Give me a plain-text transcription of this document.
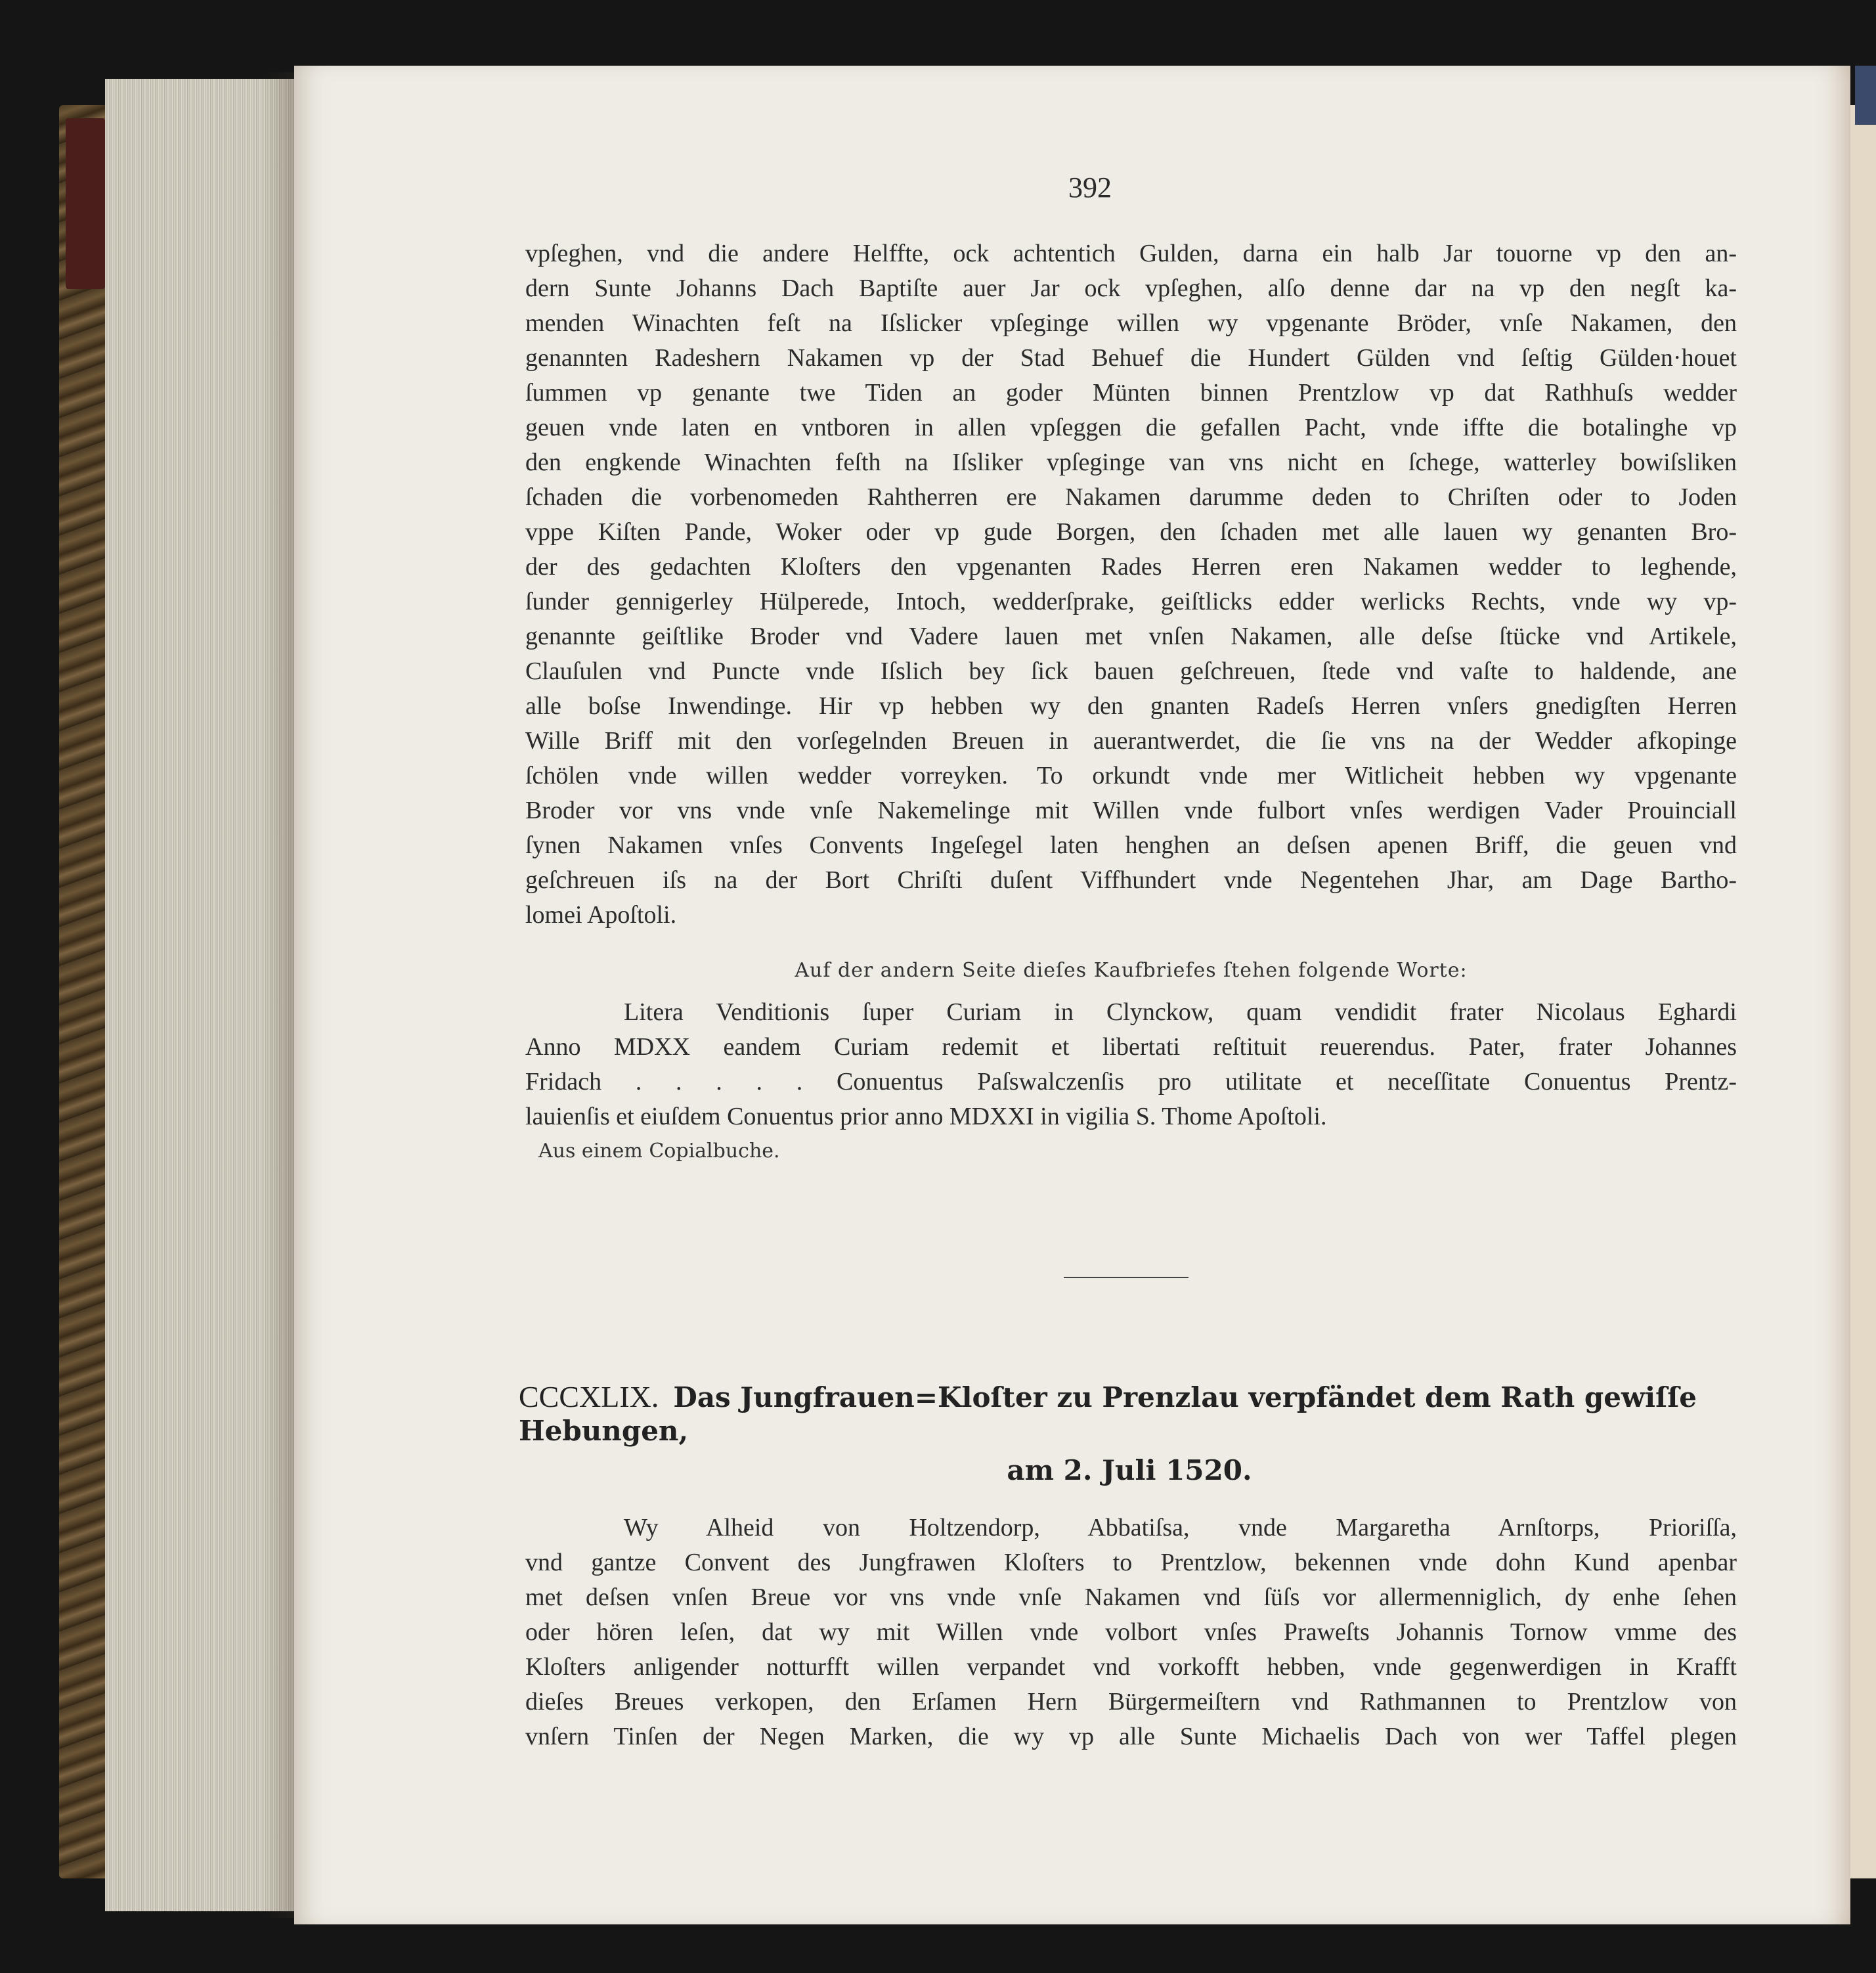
392
vpſeghen, vnd die andere Helffte, ock achtentich Gulden, darna ein halb Jar touorne vp den an-
dern Sunte Johanns Dach Baptiſte auer Jar ock vpſeghen, alſo denne dar na vp den negſt ka-
menden Winachten feſt na Iſslicker vpſeginge willen wy vpgenante Bröder, vnſe Nakamen, den
genannten Radeshern Nakamen vp der Stad Behuef die Hundert Gülden vnd ſeſtig Gülden·houet
ſummen vp genante twe Tiden an goder Münten binnen Prentzlow vp dat Rathhuſs wedder
geuen vnde laten en vntboren in allen vpſeggen die gefallen Pacht, vnde iffte die botalinghe vp
den engkende Winachten feſth na Iſsliker vpſeginge van vns nicht en ſchege, watterley bowiſsliken
ſchaden die vorbenomeden Rahtherren ere Nakamen darumme deden to Chriſten oder to Joden
vppe Kiſten Pande, Woker oder vp gude Borgen, den ſchaden met alle lauen wy genanten Bro-
der des gedachten Kloſters den vpgenanten Rades Herren eren Nakamen wedder to leghende,
ſunder gennigerley Hülperede, Intoch, wedderſprake, geiſtlicks edder werlicks Rechts, vnde wy vp-
genannte geiſtlike Broder vnd Vadere lauen met vnſen Nakamen, alle deſse ſtücke vnd Artikele,
Clauſulen vnd Puncte vnde Iſslich bey ſick bauen geſchreuen, ſtede vnd vaſte to haldende, ane
alle boſse Inwendinge. Hir vp hebben wy den gnanten Radeſs Herren vnſers gnedigſten Herren
Wille Briff mit den vorſegelnden Breuen in auerantwerdet, die ſie vns na der Wedder afkopinge
ſchölen vnde willen wedder vorreyken. To orkundt vnde mer Witlicheit hebben wy vpgenante
Broder vor vns vnde vnſe Nakemelinge mit Willen vnde fulbort vnſes werdigen Vader Prouinciall
ſynen Nakamen vnſes Convents Ingeſegel laten henghen an deſsen apenen Briff, die geuen vnd
geſchreuen iſs na der Bort Chriſti duſent Viffhundert vnde Negentehen Jhar, am Dage Bartho-
lomei Apoſtoli.
Auf der andern Seite dieſes Kaufbriefes ſtehen folgende Worte:
Litera Venditionis ſuper Curiam in Clynckow, quam vendidit frater Nicolaus Eghardi
Anno MDXX eandem Curiam redemit et libertati reſtituit reuerendus. Pater, frater Johannes
Fridach . . . . . Conuentus Paſswalczenſis pro utilitate et neceſſitate Conuentus Prentz-
lauienſis et eiuſdem Conuentus prior anno MDXXI in vigilia S. Thome Apoſtoli.
Aus einem Copialbuche.
CCCXLIX. Das Jungfrauen=Kloſter zu Prenzlau verpfändet dem Rath gewiſſe Hebungen,
am 2. Juli 1520.
Wy Alheid von Holtzendorp, Abbatiſsa, vnde Margaretha Arnſtorps, Prioriſſa,
vnd gantze Convent des Jungfrawen Kloſters to Prentzlow, bekennen vnde dohn Kund apenbar
met deſsen vnſen Breue vor vns vnde vnſe Nakamen vnd ſüſs vor allermenniglich, dy enhe ſehen
oder hören leſen, dat wy mit Willen vnde volbort vnſes Praweſts Johannis Tornow vmme des
Kloſters anligender notturfft willen verpandet vnd vorkofft hebben, vnde gegenwerdigen in Krafft
dieſes Breues verkopen, den Erſamen Hern Bürgermeiſtern vnd Rathmannen to Prentzlow von
vnſern Tinſen der Negen Marken, die wy vp alle Sunte Michaelis Dach von wer Taffel plegen
